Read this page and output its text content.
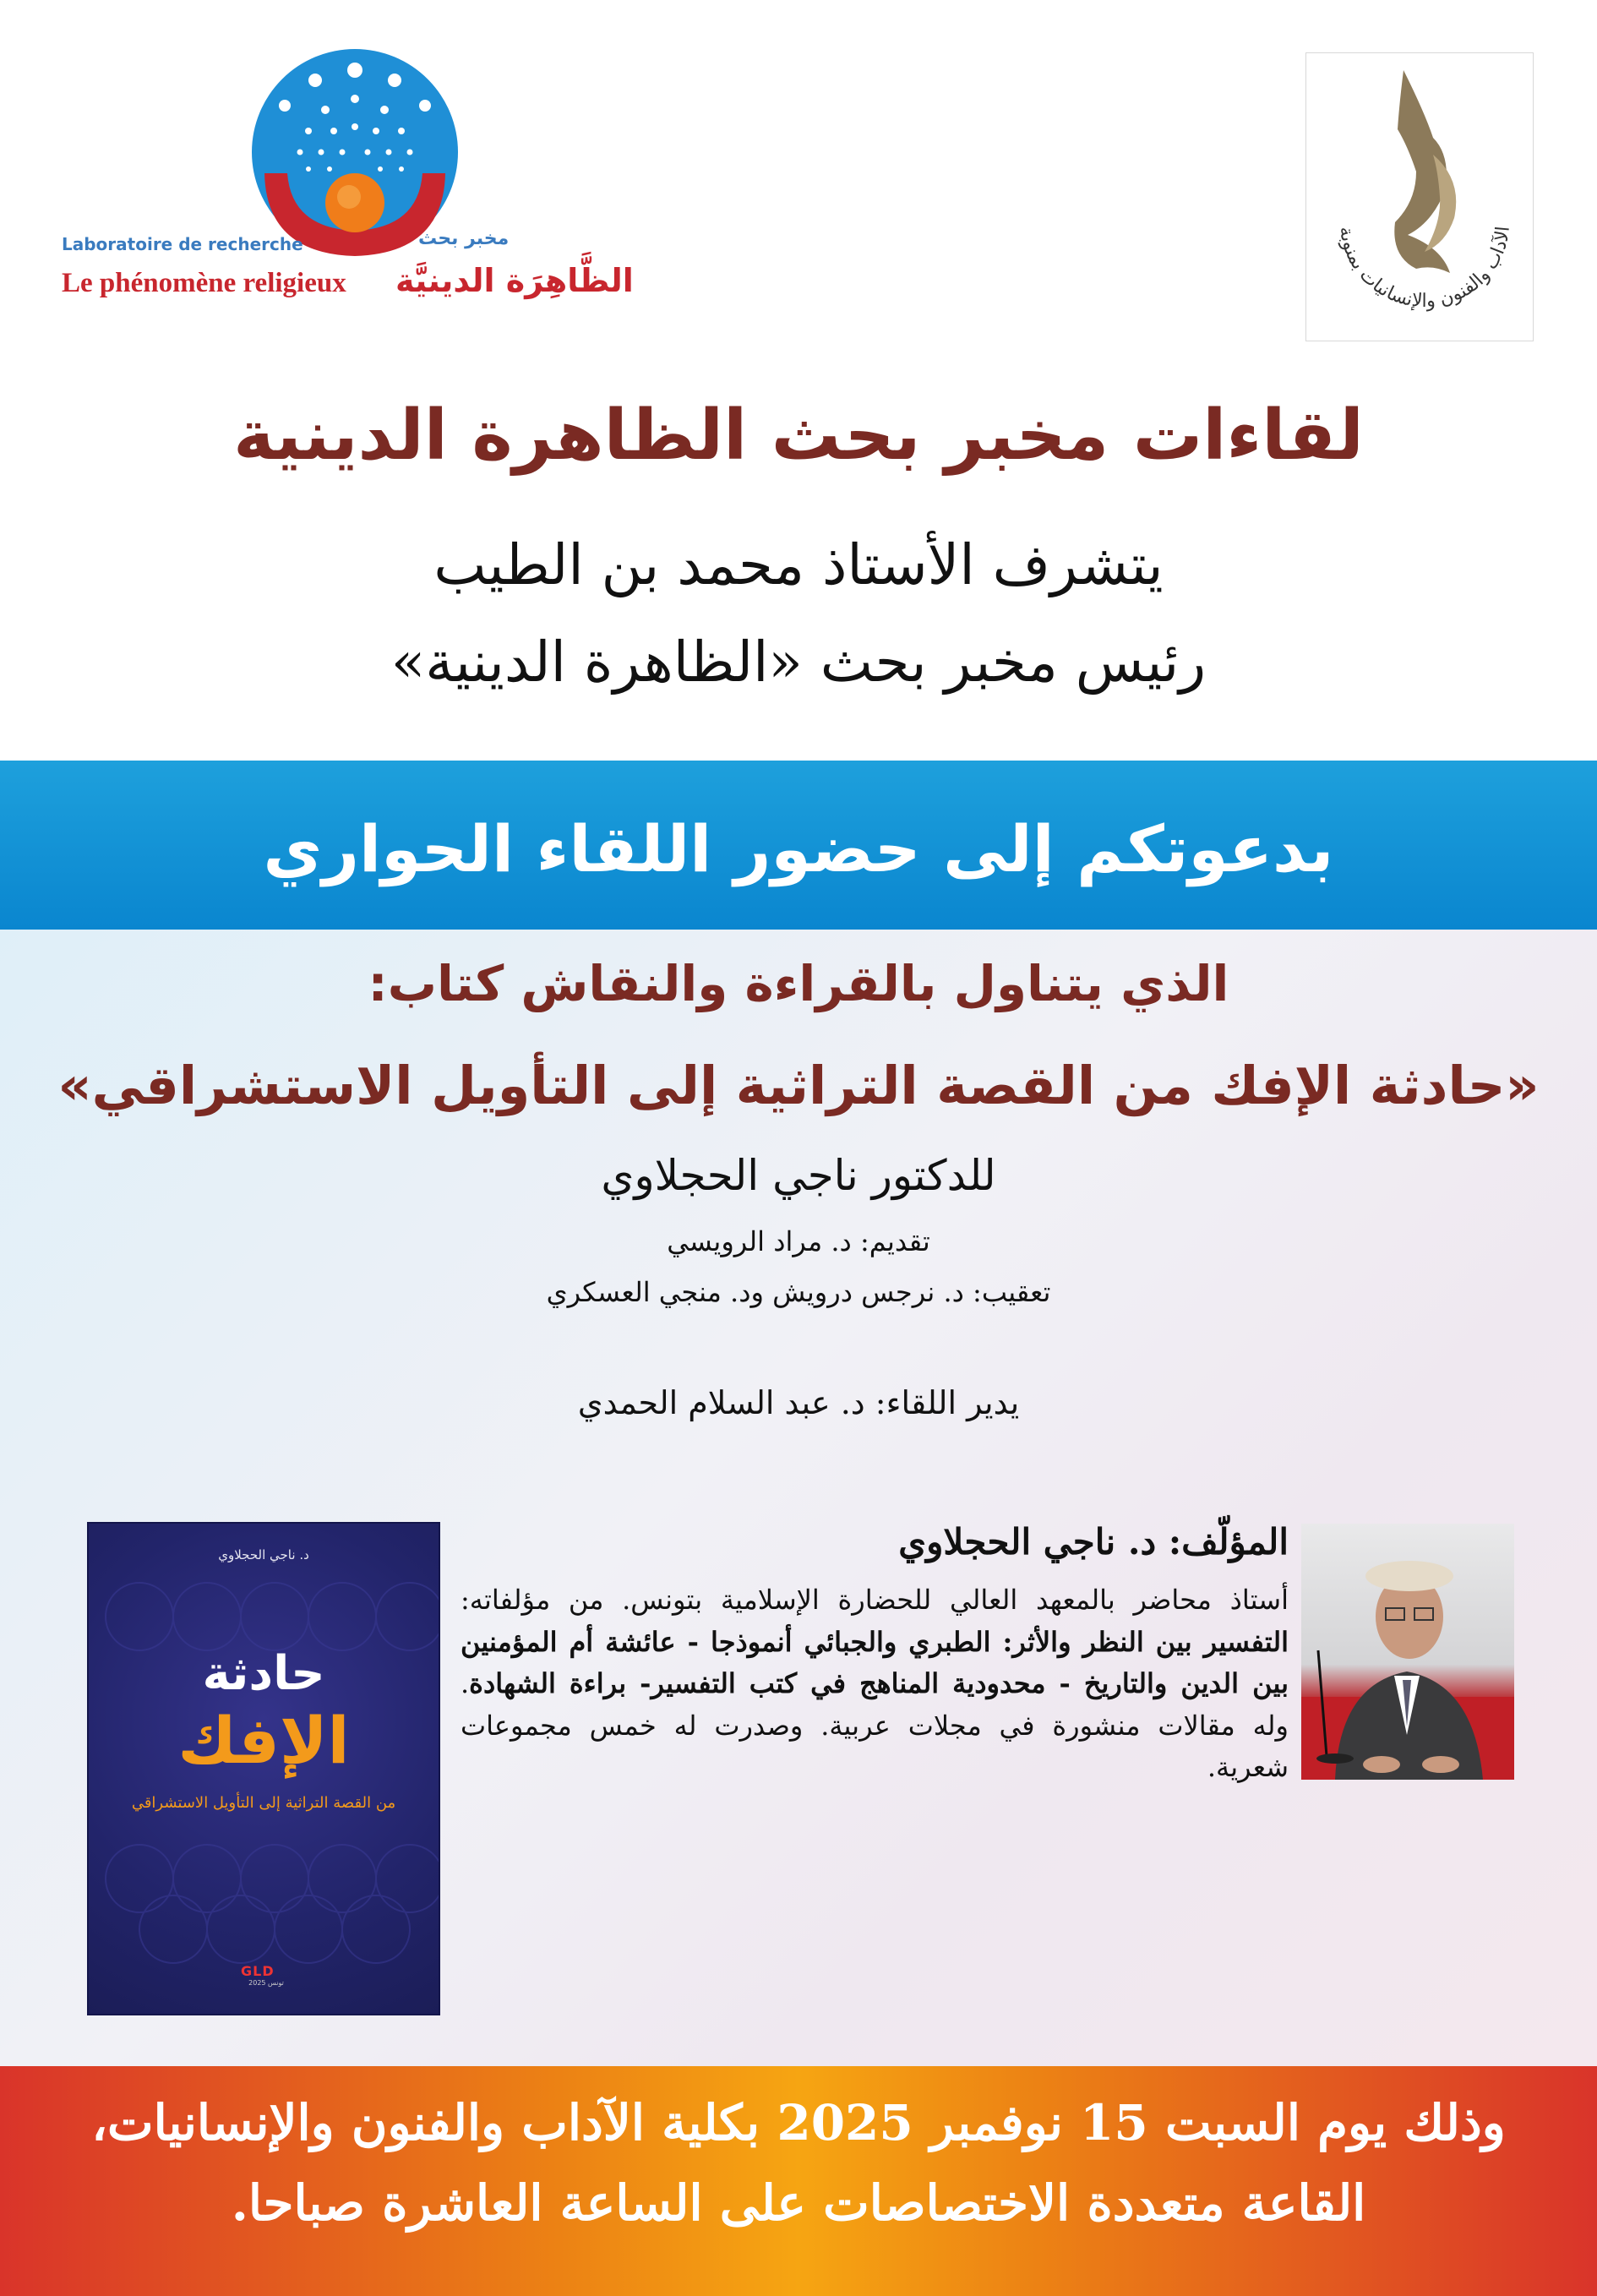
Laboratoire de recherche	مخبر بحث
Le phénomène religieux الظَّاهِرَة الدينيَّة
الآداب والفنون والإنسانيات بمنوبة
لقاءات مخبر بحث الظاهرة الدينية
يتشرف الأستاذ محمد بن الطيب
رئيس مخبر بحث «الظاهرة الدينية»
بدعوتكم إلى حضور اللقاء الحواري
الذي يتناول بالقراءة والنقاش كتاب:
«حادثة الإفك من القصة التراثية إلى التأويل الاستشراقي»
للدكتور ناجي الحجلاوي
تقديم: د. مراد الرويسي
تعقيب: د. نرجس درويش ود. منجي العسكري
يدير اللقاء: د. عبد السلام الحمدي
د. ناجي الحجلاوي
حادثة
الإفك
من القصة التراثية إلى التأويل الاستشراقي
GLD
تونس 2025
المؤلّف: د. ناجي الحجلاوي
أستاذ محاضر بالمعهد العالي للحضارة الإسلامية بتونس. من مؤلفاته: التفسير بين النظر والأثر: الطبري والجبائي أنموذجا - عائشة أم المؤمنين بين الدين والتاريخ - محدودية المناهج في كتب التفسير- براءة الشهادة. وله مقالات منشورة في مجلات عربية. وصدرت له خمس مجموعات شعرية.
وذلك يوم السبت 15 نوفمبر 2025 بكلية الآداب والفنون والإنسانيات،
القاعة متعددة الاختصاصات على الساعة العاشرة صباحا.
